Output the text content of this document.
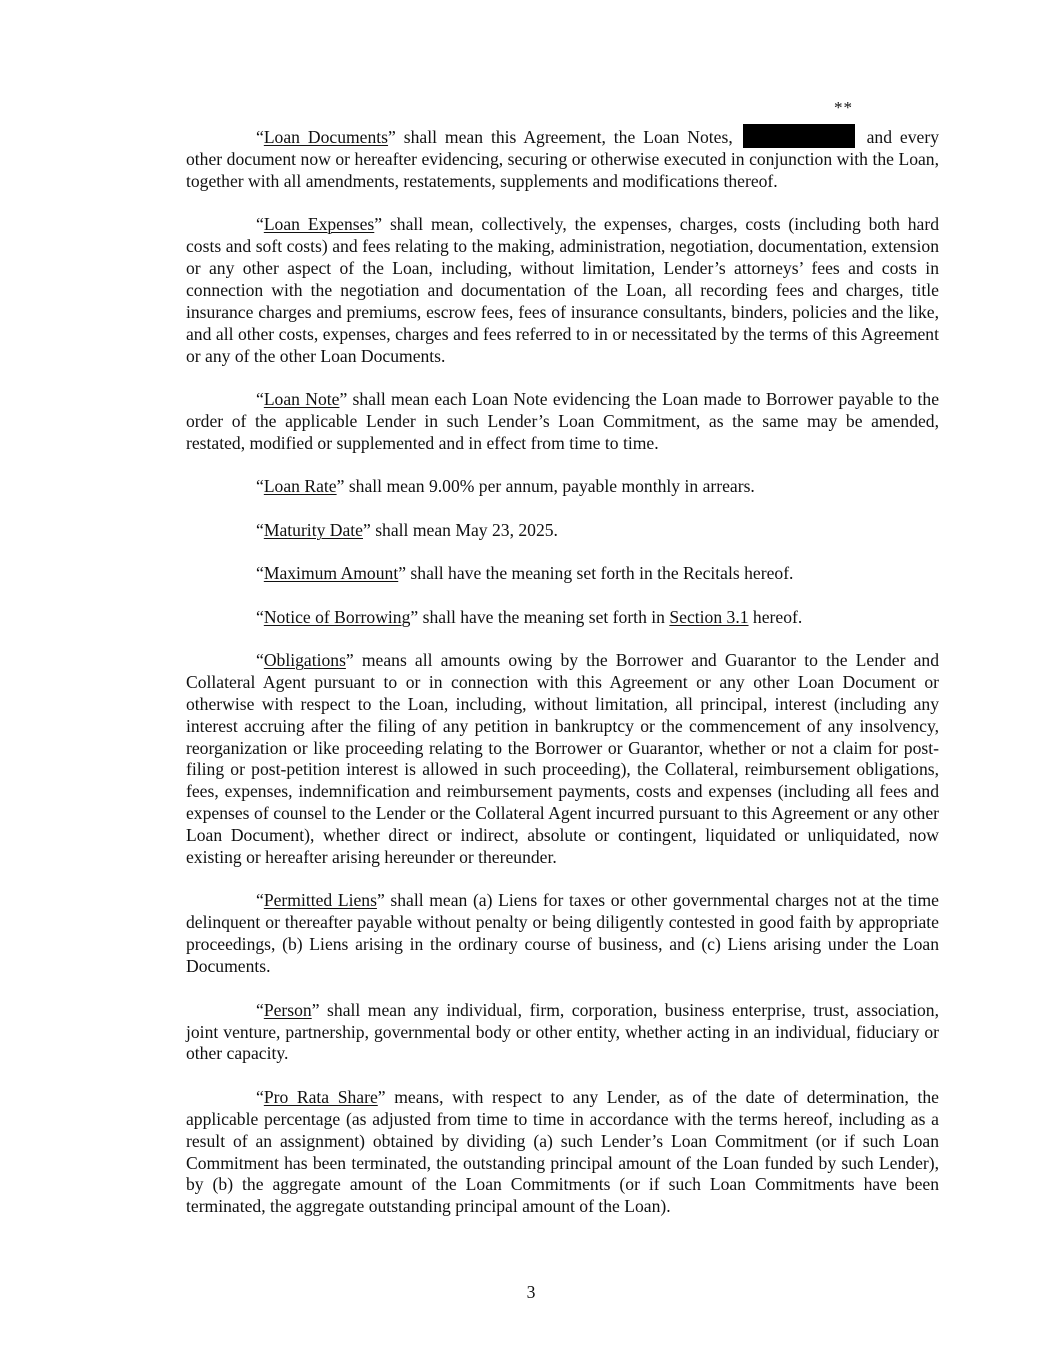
**

“Loan Documents” shall mean this Agreement, the Loan Notes,	and every other document now or hereafter evidencing, securing or otherwise executed in conjunction with the Loan, together with all amendments, restatements, supplements and modifications thereof.

“Loan Expenses” shall mean, collectively, the expenses, charges, costs (including both hard costs and soft costs) and fees relating to the making, administration, negotiation, documentation, extension or any other aspect of the Loan, including, without limitation, Lender’s attorneys’ fees and costs in connection with the negotiation and documentation of the Loan, all recording fees and charges, title insurance charges and premiums, escrow fees, fees of insurance consultants, binders, policies and the like, and all other costs, expenses, charges and fees referred to in or necessitated by the terms of this Agreement or any of the other Loan Documents.

“Loan Note” shall mean each Loan Note evidencing the Loan made to Borrower payable to the order of the applicable Lender in such Lender’s Loan Commitment, as the same may be amended, restated, modified or supplemented and in effect from time to time.

“Loan Rate” shall mean 9.00% per annum, payable monthly in arrears.

“Maturity Date” shall mean May 23, 2025.

“Maximum Amount” shall have the meaning set forth in the Recitals hereof.

“Notice of Borrowing” shall have the meaning set forth in Section 3.1 hereof.

“Obligations” means all amounts owing by the Borrower and Guarantor to the Lender and Collateral Agent pursuant to or in connection with this Agreement or any other Loan Document or otherwise with respect to the Loan, including, without limitation, all principal, interest (including any interest accruing after the filing of any petition in bankruptcy or the commencement of any insolvency, reorganization or like proceeding relating to the Borrower or Guarantor, whether or not a claim for post-filing or post-petition interest is allowed in such proceeding), the Collateral, reimbursement obligations, fees, expenses, indemnification and reimbursement payments, costs and expenses (including all fees and expenses of counsel to the Lender or the Collateral Agent incurred pursuant to this Agreement or any other Loan Document), whether direct or indirect, absolute or contingent, liquidated or unliquidated, now existing or hereafter arising hereunder or thereunder.

“Permitted Liens” shall mean (a) Liens for taxes or other governmental charges not at the time delinquent or thereafter payable without penalty or being diligently contested in good faith by appropriate proceedings, (b) Liens arising in the ordinary course of business, and (c) Liens arising under the Loan Documents.

“Person” shall mean any individual, firm, corporation, business enterprise, trust, association, joint venture, partnership, governmental body or other entity, whether acting in an individual, fiduciary or other capacity.

“Pro Rata Share” means, with respect to any Lender, as of the date of determination, the applicable percentage (as adjusted from time to time in accordance with the terms hereof, including as a result of an assignment) obtained by dividing (a) such Lender’s Loan Commitment (or if such Loan Commitment has been terminated, the outstanding principal amount of the Loan funded by such Lender), by (b) the aggregate amount of the Loan Commitments (or if such Loan Commitments have been terminated, the aggregate outstanding principal amount of the Loan).

3
